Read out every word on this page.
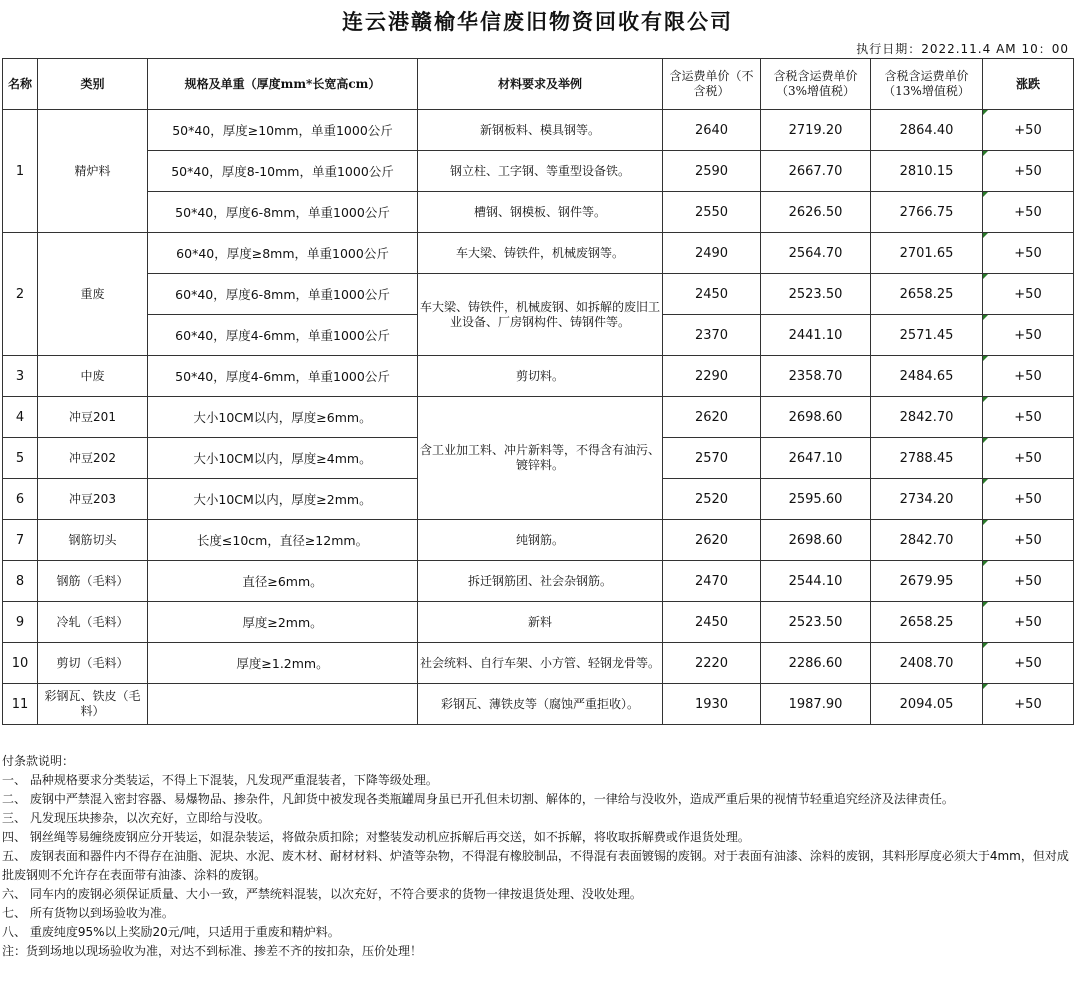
连云港赣榆华信废旧物资回收有限公司
执行日期：2022.11.4 AM 10：00
名称	类别	规格及单重（厚度mm*长宽高cm）	材料要求及举例	含运费单价（不含税）	含税含运费单价（3%增值税）	含税含运费单价（13%增值税）	涨跌
1	精炉料	50*40，厚度≥10mm，单重1000公斤	新钢板料、模具钢等。	2640	2719.20	2864.40	+50
		50*40，厚度8-10mm，单重1000公斤	钢立柱、工字钢、等重型设备铁。	2590	2667.70	2810.15	+50
		50*40，厚度6-8mm，单重1000公斤	槽钢、钢模板、钢件等。	2550	2626.50	2766.75	+50
2	重废	60*40，厚度≥8mm，单重1000公斤	车大梁、铸铁件，机械废钢等。	2490	2564.70	2701.65	+50
		60*40，厚度6-8mm，单重1000公斤	车大梁、铸铁件，机械废钢、如拆解的废旧工业设备、厂房钢构件、铸钢件等。	2450	2523.50	2658.25	+50
		60*40，厚度4-6mm，单重1000公斤		2370	2441.10	2571.45	+50
3	中废	50*40，厚度4-6mm，单重1000公斤	剪切料。	2290	2358.70	2484.65	+50
4	冲豆201	大小10CM以内，厚度≥6mm。	含工业加工料、冲片新料等，不得含有油污、镀锌料。	2620	2698.60	2842.70	+50
5	冲豆202	大小10CM以内，厚度≥4mm。		2570	2647.10	2788.45	+50
6	冲豆203	大小10CM以内，厚度≥2mm。		2520	2595.60	2734.20	+50
7	钢筋切头	长度≤10cm，直径≥12mm。	纯钢筋。	2620	2698.60	2842.70	+50
8	钢筋（毛料）	直径≥6mm。	拆迁钢筋团、社会杂钢筋。	2470	2544.10	2679.95	+50
9	冷轧（毛料）	厚度≥2mm。	新料	2450	2523.50	2658.25	+50
10	剪切（毛料）	厚度≥1.2mm。	社会统料、自行车架、小方管、轻钢龙骨等。	2220	2286.60	2408.70	+50
11	彩钢瓦、铁皮（毛料）		彩钢瓦、薄铁皮等（腐蚀严重拒收）。	1930	1987.90	2094.05	+50
付条款说明：
一、 品种规格要求分类装运，不得上下混装，凡发现严重混装者，下降等级处理。
二、 废钢中严禁混入密封容器、易爆物品、掺杂件，凡卸货中被发现各类瓶罐周身虽已开孔但未切割、解体的，一律给与没收外，造成严重后果的视情节轻重追究经济及法律责任。
三、 凡发现压块掺杂，以次充好，立即给与没收。
四、 钢丝绳等易缠绕废钢应分开装运，如混杂装运，将做杂质扣除；对整装发动机应拆解后再交送，如不拆解，将收取拆解费或作退货处理。
五、 废钢表面和器件内不得存在油脂、泥块、水泥、废木材、耐材材料、炉渣等杂物，不得混有橡胶制品，不得混有表面镀锡的废钢。对于表面有油漆、涂料的废钢，其料形厚度必须大于4mm，但对成批废钢则不允许存在表面带有油漆、涂料的废钢。
六、 同车内的废钢必须保证质量、大小一致，严禁统料混装，以次充好，不符合要求的货物一律按退货处理、没收处理。
七、 所有货物以到场验收为准。
八、 重废纯度95%以上奖励20元/吨，只适用于重废和精炉料。
注：货到场地以现场验收为准，对达不到标准、掺差不齐的按扣杂，压价处理！
